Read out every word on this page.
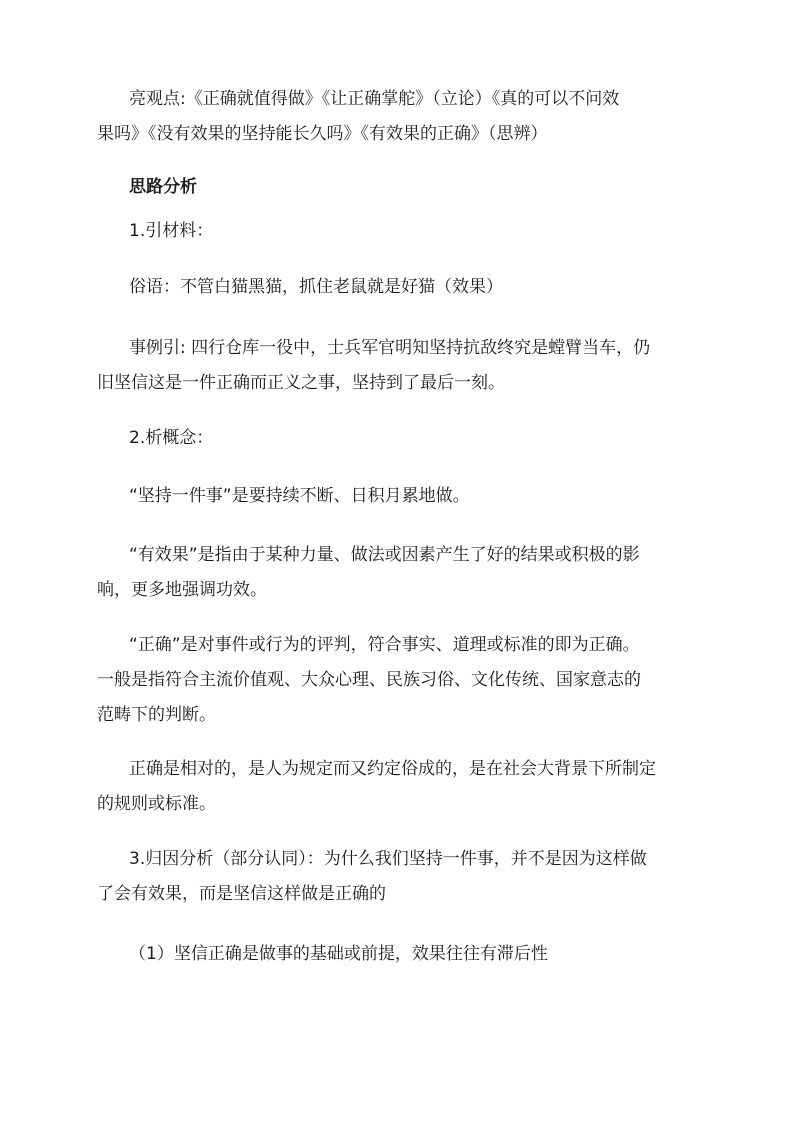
亮观点:《正确就值得做》《让正确掌舵》（立论）《真的可以不问效
果吗》《没有效果的坚持能长久吗》《有效果的正确》（思辨）

思路分析

1.引材料：

俗语：不管白猫黑猫，抓住老鼠就是好猫（效果）

事例引: 四行仓库一役中，士兵军官明知坚持抗敌终究是螳臂当车，仍
旧坚信这是一件正确而正义之事，坚持到了最后一刻。

2.析概念：

“坚持一件事”是要持续不断、日积月累地做。

“有效果”是指由于某种力量、做法或因素产生了好的结果或积极的影
响，更多地强调功效。

“正确”是对事件或行为的评判，符合事实、道理或标准的即为正确。
一般是指符合主流价值观、大众心理、民族习俗、文化传统、国家意志的
范畴下的判断。

正确是相对的，是人为规定而又约定俗成的，是在社会大背景下所制定
的规则或标准。

3.归因分析（部分认同）：为什么我们坚持一件事，并不是因为这样做
了会有效果，而是坚信这样做是正确的

（1）坚信正确是做事的基础或前提，效果往往有滞后性
